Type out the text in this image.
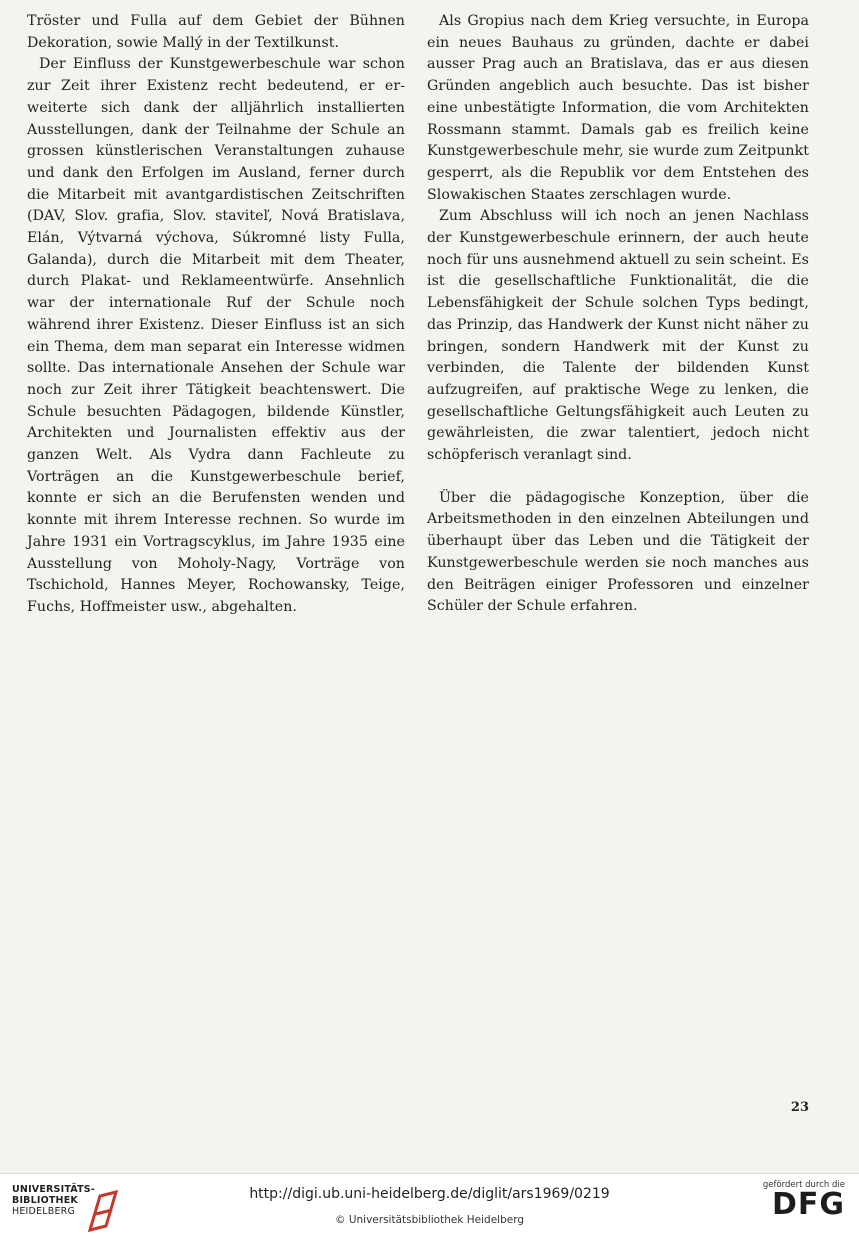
Tröster und Fulla auf dem Gebiet der Bühnen Dekoration, sowie Mallý in der Textilkunst.

Der Einfluss der Kunstgewerbeschule war schon zur Zeit ihrer Existenz recht bedeutend, er erweiterte sich dank der alljährlich installierten Ausstellungen, dank der Teilnahme der Schule an grossen künstlerischen Veranstaltungen zuhause und dank den Erfolgen im Ausland, ferner durch die Mitarbeit mit avantgardistischen Zeitschriften (DAV, Slov. grafia, Slov. staviteľ, Nová Bratislava, Elán, Výtvarná výchova, Súkromné listy Fulla, Galanda), durch die Mitarbeit mit dem Theater, durch Plakat- und Reklameentwürfe. Ansehnlich war der internationale Ruf der Schule noch während ihrer Existenz. Dieser Einfluss ist an sich ein Thema, dem man separat ein Interesse widmen sollte. Das internationale Ansehen der Schule war noch zur Zeit ihrer Tätigkeit beachtenswert. Die Schule besuchten Pädagogen, bildende Künstler, Architekten und Journalisten effektiv aus der ganzen Welt. Als Vydra dann Fachleute zu Vorträgen an die Kunstgewerbeschule berief, konnte er sich an die Berufensten wenden und konnte mit ihrem Interesse rechnen. So wurde im Jahre 1931 ein Vortragscyklus, im Jahre 1935 eine Ausstellung von Moholy-Nagy, Vorträge von Tschichold, Hannes Meyer, Rochowansky, Teige, Fuchs, Hoffmeister usw., abgehalten.

Als Gropius nach dem Krieg versuchte, in Europa ein neues Bauhaus zu gründen, dachte er dabei ausser Prag auch an Bratislava, das er aus diesen Gründen angeblich auch besuchte. Das ist bisher eine unbestätigte Information, die vom Architekten Rossmann stammt. Damals gab es freilich keine Kunstgewerbeschule mehr, sie wurde zum Zeitpunkt gesperrt, als die Republik vor dem Entstehen des Slowakischen Staates zerschlagen wurde.

Zum Abschluss will ich noch an jenen Nachlass der Kunstgewerbeschule erinnern, der auch heute noch für uns ausnehmend aktuell zu sein scheint. Es ist die gesellschaftliche Funktionalität, die die Lebensfähigkeit der Schule solchen Typs bedingt, das Prinzip, das Handwerk der Kunst nicht näher zu bringen, sondern Handwerk mit der Kunst zu verbinden, die Talente der bildenden Kunst aufzugreifen, auf praktische Wege zu lenken, die gesellschaftliche Geltungsfähigkeit auch Leuten zu gewährleisten, die zwar talentiert, jedoch nicht schöpferisch veranlagt sind.

Über die pädagogische Konzeption, über die Arbeitsmethoden in den einzelnen Abteilungen und überhaupt über das Leben und die Tätigkeit der Kunstgewerbeschule werden sie noch manches aus den Beiträgen einiger Professoren und einzelner Schüler der Schule erfahren.

23
UNIVERSITÄTS-
BIBLIOTHEK
HEIDELBERG
http://digi.ub.uni-heidelberg.de/diglit/ars1969/0219
© Universitätsbibliothek Heidelberg
gefördert durch die
DFG
